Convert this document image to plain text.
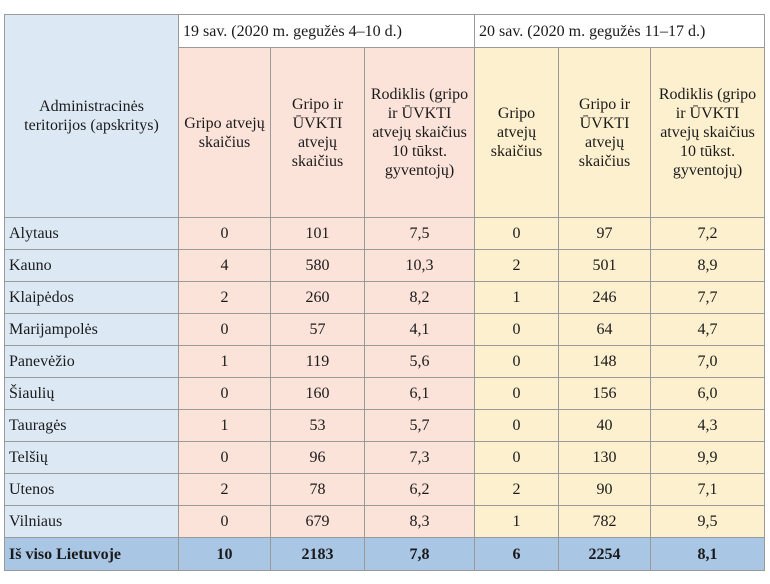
Administracinės teritorijos (apskritys)	19 sav. (2020 m. gegužės 4–10 d.)			20 sav. (2020 m. gegužės 11–17 d.)		
	Gripo atvejų skaičius	Gripo ir ŪVKTI atvejų skaičius	Rodiklis (gripo ir ŪVKTI atvejų skaičius 10 tūkst. gyventojų)	Gripo atvejų skaičius	Gripo ir ŪVKTI atvejų skaičius	Rodiklis (gripo ir ŪVKTI atvejų skaičius 10 tūkst. gyventojų)
Alytaus	0	101	7,5	0	97	7,2
Kauno	4	580	10,3	2	501	8,9
Klaipėdos	2	260	8,2	1	246	7,7
Marijampolės	0	57	4,1	0	64	4,7
Panevėžio	1	119	5,6	0	148	7,0
Šiaulių	0	160	6,1	0	156	6,0
Tauragės	1	53	5,7	0	40	4,3
Telšių	0	96	7,3	0	130	9,9
Utenos	2	78	6,2	2	90	7,1
Vilniaus	0	679	8,3	1	782	9,5
Iš viso Lietuvoje	10	2183	7,8	6	2254	8,1
